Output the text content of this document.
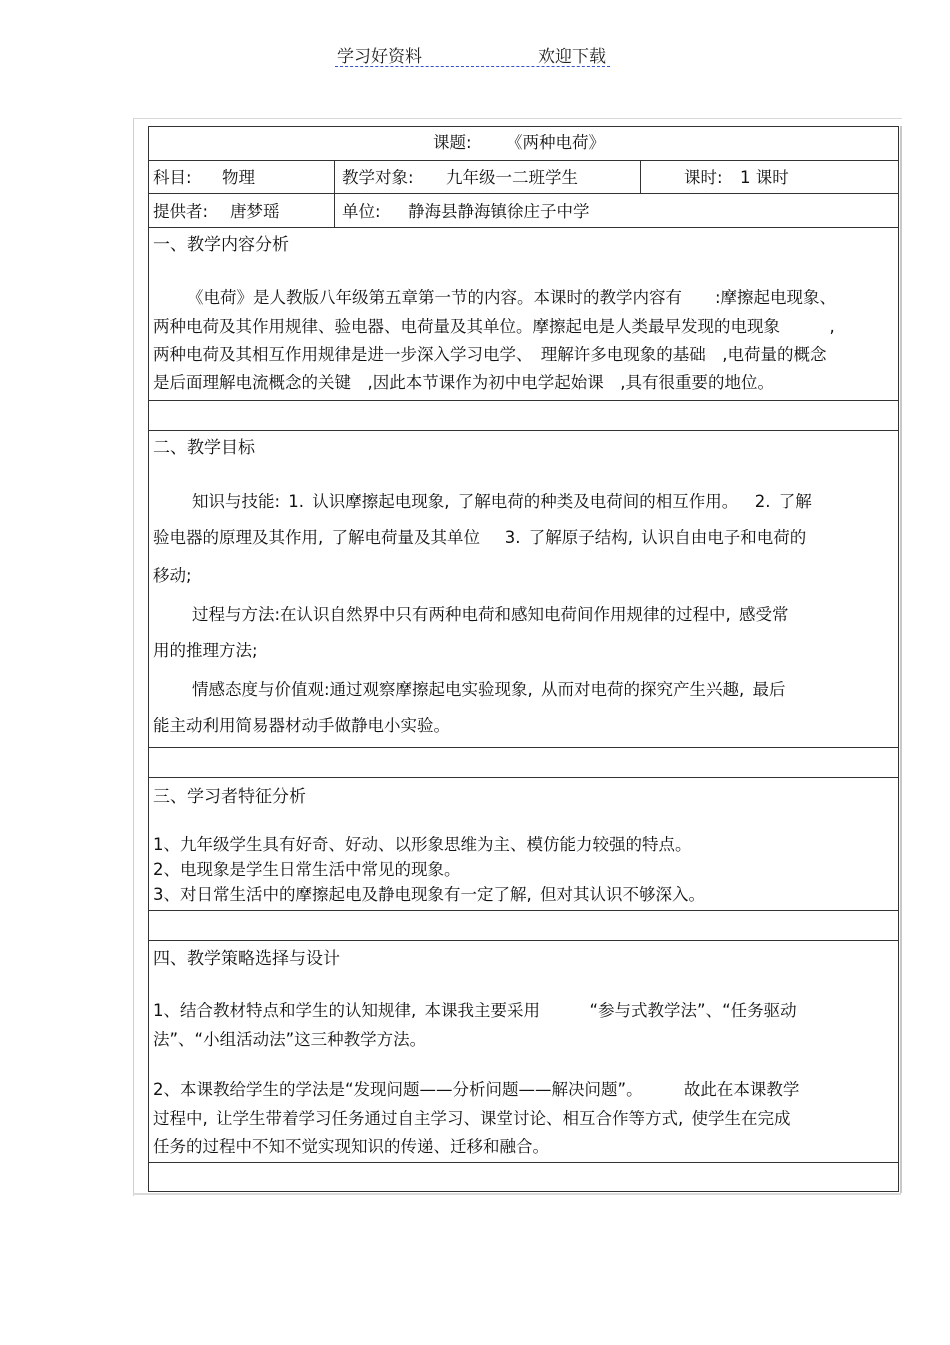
学习好资料	欢迎下载
课题: 《两种电荷》
科目: 物理	教学对象: 九年级一二班学生	课时: 1 课时
提供者: 唐梦瑶	单位: 静海县静海镇徐庄子中学
一、教学内容分析
《电荷》是人教版八年级第五章第一节的内容。本课时的教学内容有　　:摩擦起电现象、
两种电荷及其作用规律、验电器、电荷量及其单位。摩擦起电是人类最早发现的电现象　　　,
两种电荷及其相互作用规律是进一步深入学习电学、　理解许多电现象的基础　,电荷量的概念
是后面理解电流概念的关键　,因此本节课作为初中电学起始课　,具有很重要的地位。
二、教学目标
知识与技能: 1. 认识摩擦起电现象, 了解电荷的种类及电荷间的相互作用。　 2. 了解
验电器的原理及其作用, 了解电荷量及其单位　 3. 了解原子结构, 认识自由电子和电荷的
移动;
过程与方法:在认识自然界中只有两种电荷和感知电荷间作用规律的过程中, 感受常
用的推理方法;
情感态度与价值观:通过观察摩擦起电实验现象, 从而对电荷的探究产生兴趣, 最后
能主动利用简易器材动手做静电小实验。
三、学习者特征分析
1、九年级学生具有好奇、好动、以形象思维为主、模仿能力较强的特点。
2、电现象是学生日常生活中常见的现象。
3、对日常生活中的摩擦起电及静电现象有一定了解, 但对其认识不够深入。
四、教学策略选择与设计
1、结合教材特点和学生的认知规律, 本课我主要采用　　　“参与式教学法”、“任务驱动
法”、“小组活动法”这三种教学方法。
2、本课教给学生的学法是“发现问题——分析问题——解决问题”。　　　故此在本课教学
过程中, 让学生带着学习任务通过自主学习、课堂讨论、相互合作等方式, 使学生在完成
任务的过程中不知不觉实现知识的传递、迁移和融合。
